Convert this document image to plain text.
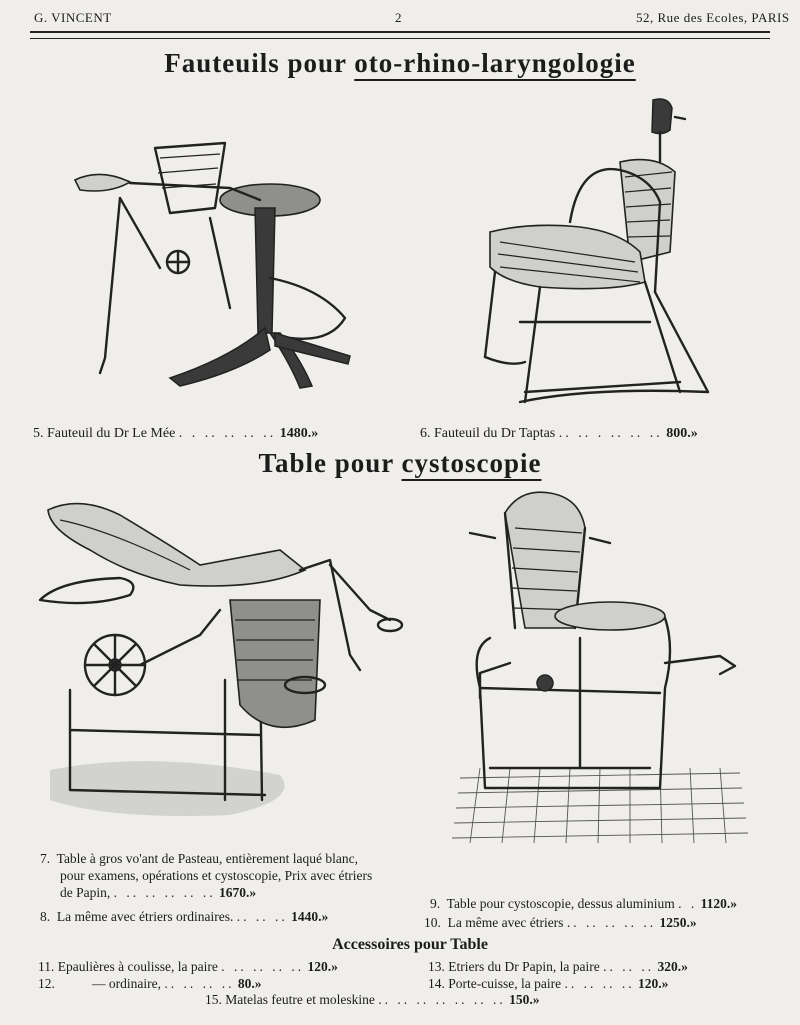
G. VINCENT	2	52, Rue des Ecoles, PARIS
Fauteuils pour oto-rhino-laryngologie
5. Fauteuil du Dr Le Mée . . .. .. .. .. 1480.»	6. Fauteuil du Dr Taptas .. .. . .. .. .. 800.»
Table pour cystoscopie
7. Table à gros vo'ant de Pasteau, entièrement laqué blanc,
pour examens, opérations et cystoscopie, Prix avec étriers
de Papin, . .. .. .. .. .. 1670.»
8. La même avec étriers ordinaires. .. .. .. 1440.»
9. Table pour cystoscopie, dessus aluminium . . 1120.»
10. La même avec étriers .. .. .. .. .. 1250.»
Accessoires pour Table
11. Epaulières à coulisse, la paire . .. .. .. .. 120.»
12.	— ordinaire, .. .. .. .. 80.»
13. Etriers du Dr Papin, la paire .. .. .. 320.»
14. Porte-cuisse, la paire .. .. .. .. 120.»
15. Matelas feutre et moleskine .. .. .. .. .. .. .. 150.»
